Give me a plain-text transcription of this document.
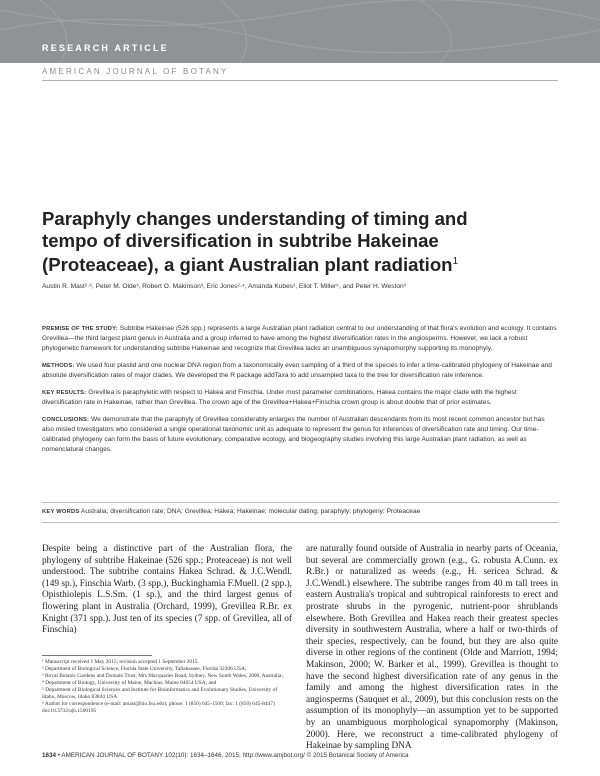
RESEARCH ARTICLE
AMERICAN JOURNAL OF BOTANY
Paraphyly changes understanding of timing and tempo of diversification in subtribe Hakeinae (Proteaceae), a giant Australian plant radiation$^1$
Austin R. Mast²·⁶, Peter M. Olde³, Robert O. Makinson³, Eric Jones²·⁴, Amanda Kubes², Eliot T. Miller⁵, and Peter H. Weston³

PREMISE OF THE STUDY: Subtribe Hakeinae (526 spp.) represents a large Australian plant radiation central to our understanding of that flora's evolution and ecology. It contains Grevillea—the third largest plant genus in Australia and a group inferred to have among the highest diversification rates in the angiosperms. However, we lack a robust phylogenetic framework for understanding subtribe Hakeinae and recognize that Grevillea lacks an unambiguous synapomorphy supporting its monophyly.

METHODS: We used four plastid and one nuclear DNA region from a taxonomically even sampling of a third of the species to infer a time-calibrated phylogeny of Hakeinae and absolute diversification rates of major clades. We developed the R package addTaxa to add unsampled taxa to the tree for diversification rate inference.

KEY RESULTS: Grevillea is paraphyletic with respect to Hakea and Finschia. Under most parameter combinations, Hakea contains the major clade with the highest diversification rate in Hakeinae, rather than Grevillea. The crown age of the Grevillea+Hakea+Finschia crown group is about double that of prior estimates.

CONCLUSIONS: We demonstrate that the paraphyly of Grevillea considerably enlarges the number of Australian descendants from its most recent common ancestor but has also misled investigators who considered a single operational taxonomic unit as adequate to represent the genus for inferences of diversification rate and timing. Our time-calibrated phylogeny can form the basis of future evolutionary, comparative ecology, and biogeography studies involving this large Australian plant radiation, as well as nomenclatural changes.

KEY WORDS Australia; diversification rate; DNA; Grevillea; Hakea; Hakeinae; molecular dating; paraphyly; phylogeny; Proteaceae
Despite being a distinctive part of the Australian flora, the phylogeny of subtribe Hakeinae (526 spp.; Proteaceae) is not well understood. The subtribe contains Hakea Schrad. & J.C.Wendl. (149 sp.), Finschia Warb. (3 spp.), Buckinghamia F.Muell. (2 spp.), Opisthiolepis L.S.Sm. (1 sp.), and the third largest genus of flowering plant in Australia (Orchard, 1999), Grevillea R.Br. ex Knight (371 spp.). Just ten of its species (7 spp. of Grevillea, all of Finschia)
are naturally found outside of Australia in nearby parts of Oceania, but several are commercially grown (e.g., G. robusta A.Cunn. ex R.Br.) or naturalized as weeds (e.g., H. sericea Schrad. & J.C.Wendl.) elsewhere. The subtribe ranges from 40 m tall trees in eastern Australia's tropical and subtropical rainforests to erect and prostrate shrubs in the pyrogenic, nutrient-poor shrublands elsewhere. Both Grevillea and Hakea reach their greatest species diversity in southwestern Australia, where a half or two-thirds of their species, respectively, can be found, but they are also quite diverse in other regions of the continent (Olde and Marriott, 1994; Makinson, 2000; W. Barker et al., 1999). Grevillea is thought to have the second highest diversification rate of any genus in the family and among the highest diversification rates in the angiosperms (Sauquet et al., 2009), but this conclusion rests on the assumption of its monophyly—an assumption yet to be supported by an unambiguous morphological synapomorphy (Makinson, 2000). Here, we reconstruct a time-calibrated phylogeny of Hakeinae by sampling DNA
¹ Manuscript received 1 May 2015; revision accepted 1 September 2015.
² Department of Biological Science, Florida State University, Tallahassee, Florida 32306 USA;
³ Royal Botanic Gardens and Domain Trust, Mrs Macquaries Road, Sydney, New South Wales, 2000, Australia;
⁴ Department of Biology, University of Maine, Machias, Maine 04654 USA; and
⁵ Department of Biological Sciences and Institute for Bioinformatics and Evolutionary Studies, University of Idaho, Moscow, Idaho 83844 USA
⁶ Author for correspondence (e-mail: amast@bio.fsu.edu); phone: 1 (850) 645-1500; fax: 1 (850) 645-8447)
doi:10.3732/ajb.1500195
1634 • AMERICAN JOURNAL OF BOTANY 102(10): 1634–1646, 2015; http://www.amjbot.org/ © 2015 Botanical Society of America
